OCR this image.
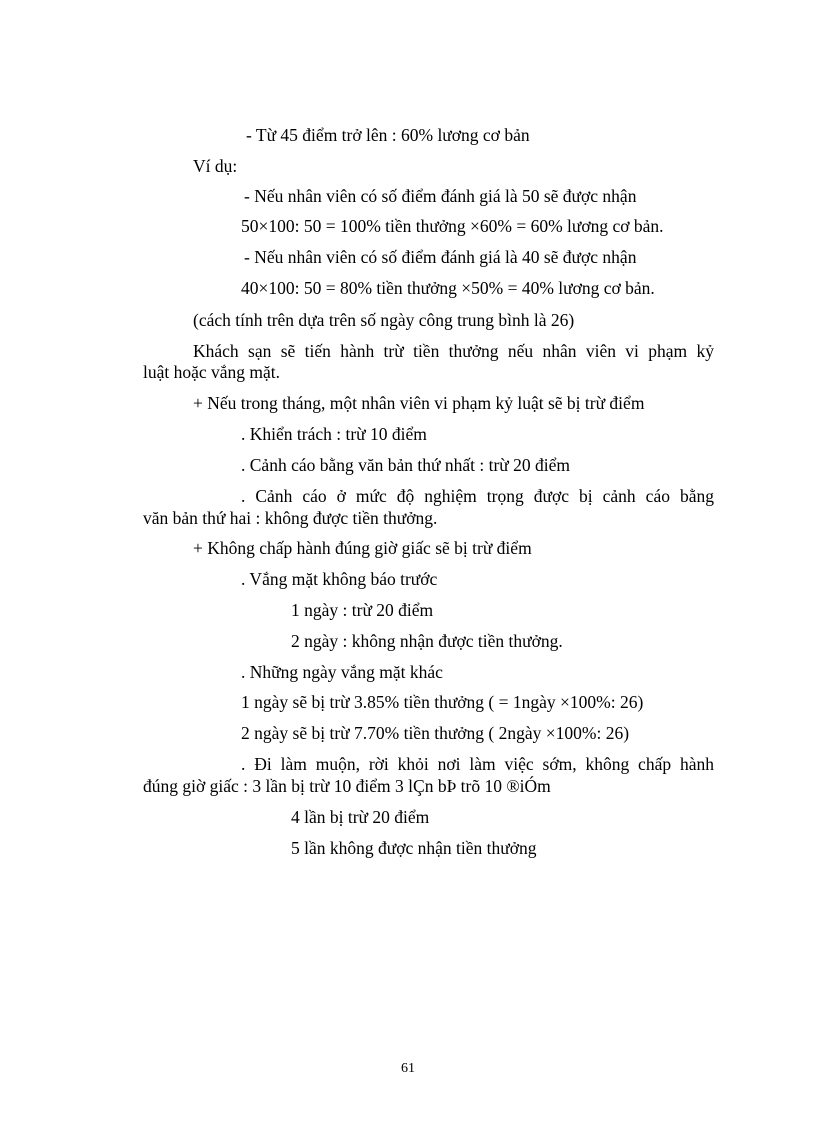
- Từ 45 điểm trở lên : 60% lương cơ bản
Ví dụ:
- Nếu nhân viên có số điểm đánh giá là 50 sẽ được nhận
50×100: 50 = 100% tiền thưởng ×60% = 60% lương cơ bản.
- Nếu nhân viên có số điểm đánh giá là 40 sẽ được nhận
40×100: 50 = 80% tiền thưởng ×50% = 40% lương cơ bản.
(cách tính trên dựa trên số ngày công trung bình là 26)
Khách sạn sẽ tiến hành trừ tiền thưởng nếu nhân viên vi phạm kỷ
luật hoặc vắng mặt.
+ Nếu trong tháng, một nhân viên vi phạm kỷ luật sẽ bị trừ điểm
. Khiển trách : trừ 10 điểm
. Cảnh cáo bằng văn bản thứ nhất : trừ 20 điểm
. Cảnh cáo ở mức độ nghiệm trọng được bị cảnh cáo bằng
văn bản thứ hai : không được tiền thưởng.
+ Không chấp hành đúng giờ giấc sẽ bị trừ điểm
. Vắng mặt không báo trước
1 ngày : trừ 20 điểm
2 ngày : không nhận được tiền thưởng.
. Những ngày vắng mặt khác
1 ngày sẽ bị trừ 3.85% tiền thưởng ( = 1ngày ×100%: 26)
2 ngày sẽ bị trừ 7.70% tiền thưởng ( 2ngày ×100%: 26)
. Đi làm muộn, rời khỏi nơi làm việc sớm, không chấp hành
đúng giờ giấc : 3 lần bị trừ 10 điểm 3 lÇn bÞ trõ 10 ®iÓm
4 lần bị trừ 20 điểm
5 lần không được nhận tiền thưởng
61
